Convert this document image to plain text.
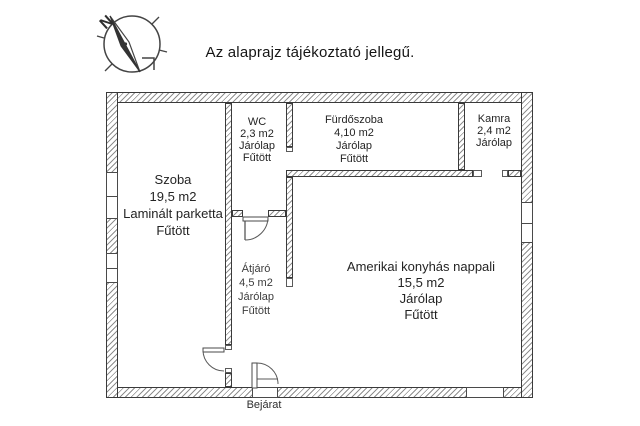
N
Az alaprajz tájékoztató jellegű.
Szoba
19,5 m2
Laminált parketta
Fűtött
WC
2,3 m2
Járólap
Fűtött
Fürdőszoba
4,10 m2
Járólap
Fűtött
Kamra
2,4 m2
Járólap
Átjáró
4,5 m2
Járólap
Fűtött
Amerikai konyhás nappali
15,5 m2
Járólap
Fűtött
Bejárat
